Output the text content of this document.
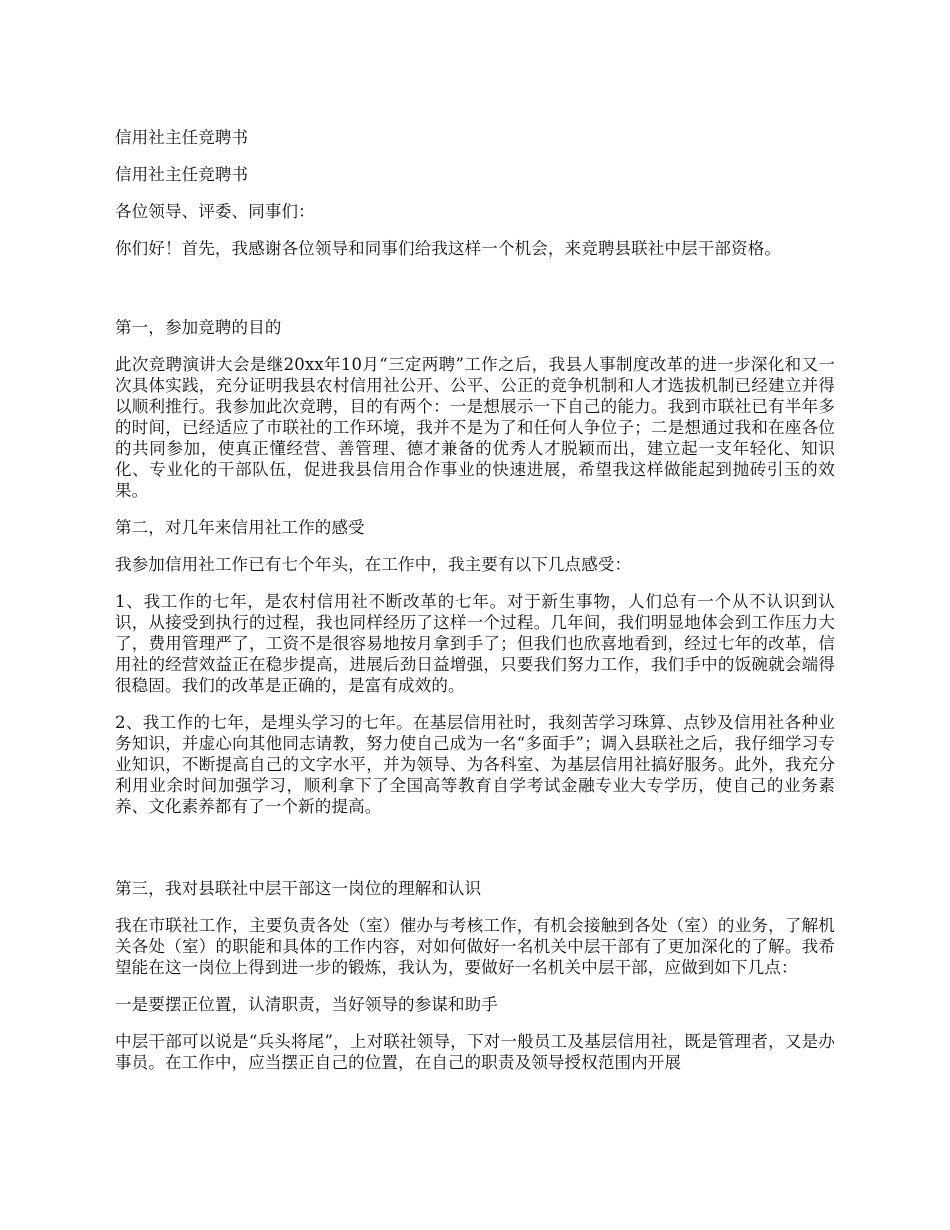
信用社主任竞聘书

信用社主任竞聘书

各位领导、评委、同事们：

你们好！首先，我感谢各位领导和同事们给我这样一个机会，来竞聘县联社中层干部资格。

第一，参加竞聘的目的

此次竞聘演讲大会是继20xx年10月“三定两聘”工作之后，我县人事制度改革的进一步深化和又一次具体实践，充分证明我县农村信用社公开、公平、公正的竞争机制和人才选拔机制已经建立并得以顺利推行。我参加此次竞聘，目的有两个：一是想展示一下自己的能力。我到市联社已有半年多的时间，已经适应了市联社的工作环境，我并不是为了和任何人争位子；二是想通过我和在座各位的共同参加，使真正懂经营、善管理、德才兼备的优秀人才脱颖而出，建立起一支年轻化、知识化、专业化的干部队伍，促进我县信用合作事业的快速进展，希望我这样做能起到抛砖引玉的效果。

第二，对几年来信用社工作的感受

我参加信用社工作已有七个年头，在工作中，我主要有以下几点感受：

1、我工作的七年，是农村信用社不断改革的七年。对于新生事物，人们总有一个从不认识到认识，从接受到执行的过程，我也同样经历了这样一个过程。几年间，我们明显地体会到工作压力大了，费用管理严了，工资不是很容易地按月拿到手了；但我们也欣喜地看到，经过七年的改革，信用社的经营效益正在稳步提高，进展后劲日益增强，只要我们努力工作，我们手中的饭碗就会端得很稳固。我们的改革是正确的，是富有成效的。

2、我工作的七年，是埋头学习的七年。在基层信用社时，我刻苦学习珠算、点钞及信用社各种业务知识，并虚心向其他同志请教，努力使自己成为一名“多面手”；调入县联社之后，我仔细学习专业知识，不断提高自己的文字水平，并为领导、为各科室、为基层信用社搞好服务。此外，我充分利用业余时间加强学习，顺利拿下了全国高等教育自学考试金融专业大专学历，使自己的业务素养、文化素养都有了一个新的提高。

第三，我对县联社中层干部这一岗位的理解和认识

我在市联社工作，主要负责各处（室）催办与考核工作，有机会接触到各处（室）的业务，了解机关各处（室）的职能和具体的工作内容，对如何做好一名机关中层干部有了更加深化的了解。我希望能在这一岗位上得到进一步的锻炼，我认为，要做好一名机关中层干部，应做到如下几点：

一是要摆正位置，认清职责，当好领导的参谋和助手

中层干部可以说是“兵头将尾”，上对联社领导，下对一般员工及基层信用社，既是管理者，又是办事员。在工作中，应当摆正自己的位置，在自己的职责及领导授权范围内开展
